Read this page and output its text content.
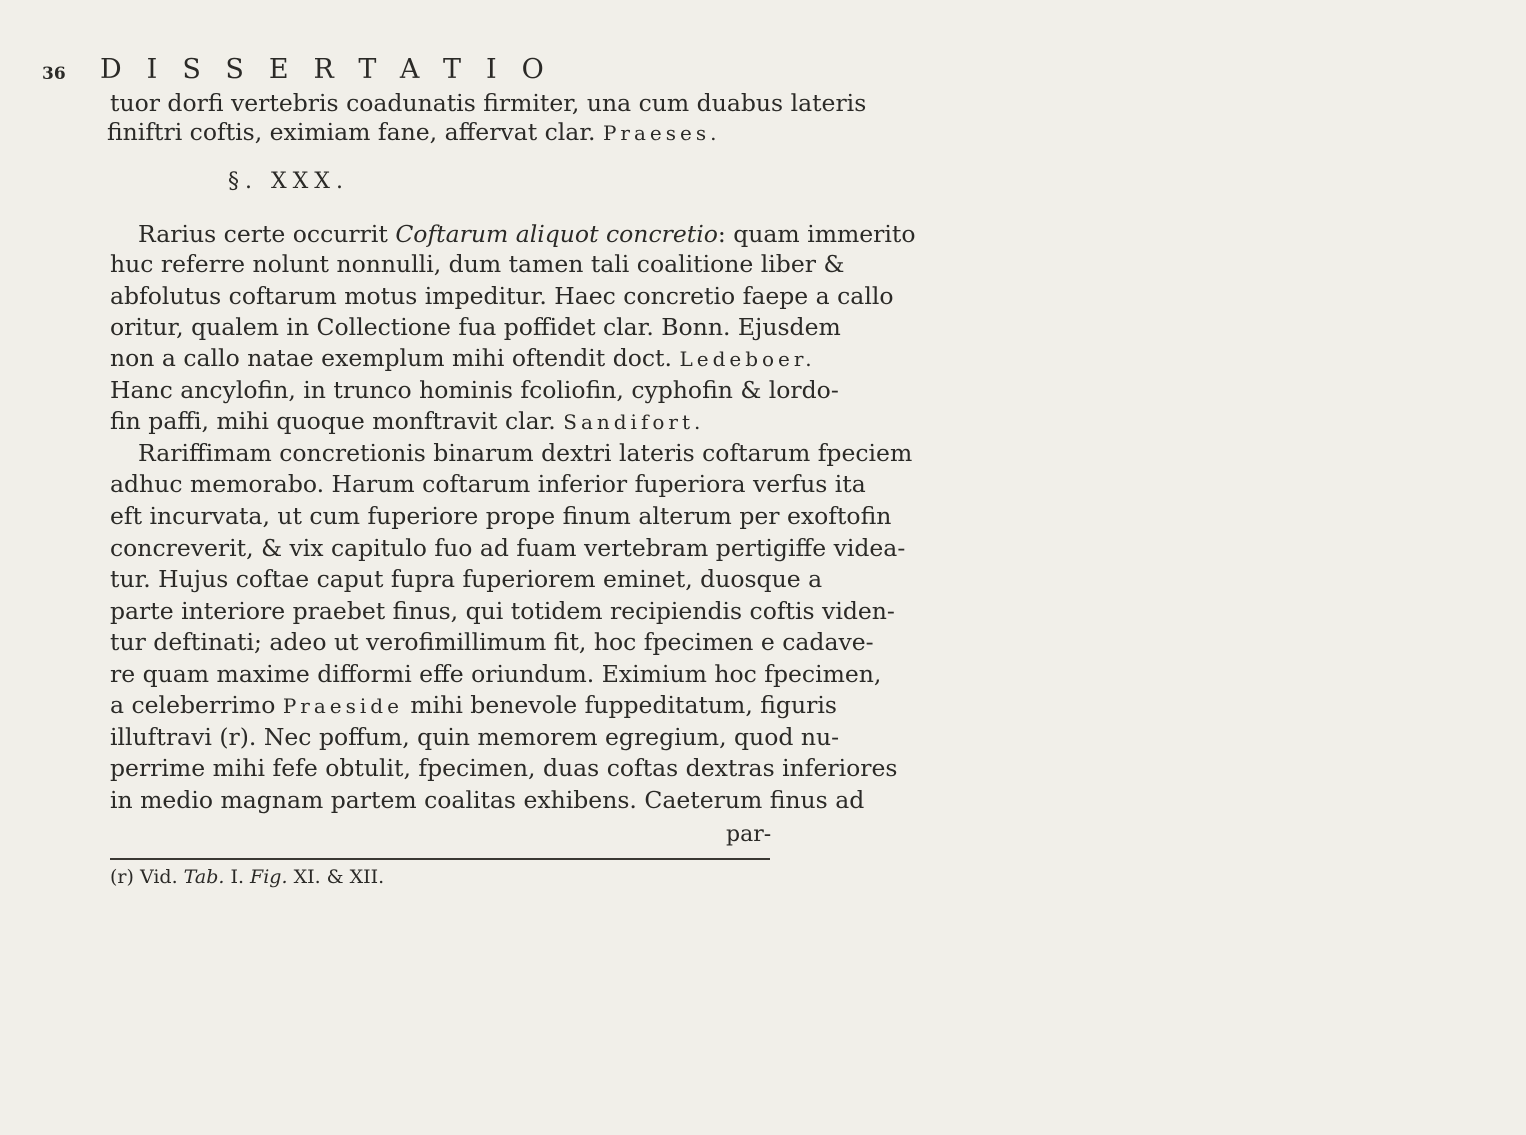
36 DISSERTATIO
tuor dorfi vertebris coadunatis firmiter, una cum duabus lateris
finiftri coftis, eximiam fane, affervat clar. Praeses.
§. XXX.
Rarius certe occurrit Coftarum aliquot concretio: quam immerito
huc referre nolunt nonnulli, dum tamen tali coalitione liber &
abfolutus coftarum motus impeditur. Haec concretio faepe a callo
oritur, qualem in Collectione fua poffidet clar. Bonn. Ejusdem
non a callo natae exemplum mihi oftendit doct. Ledeboer.
Hanc ancylofin, in trunco hominis fcoliofin, cyphofin & lordo-
fin paffi, mihi quoque monftravit clar. Sandifort.
Rariffimam concretionis binarum dextri lateris coftarum fpeciem
adhuc memorabo. Harum coftarum inferior fuperiora verfus ita
eft incurvata, ut cum fuperiore prope finum alterum per exoftofin
concreverit, & vix capitulo fuo ad fuam vertebram pertigiffe videa-
tur. Hujus coftae caput fupra fuperiorem eminet, duosque a
parte interiore praebet finus, qui totidem recipiendis coftis viden-
tur deftinati; adeo ut verofimillimum fit, hoc fpecimen e cadave-
re quam maxime difformi effe oriundum. Eximium hoc fpecimen,
a celeberrimo Praeside mihi benevole fuppeditatum, figuris
illuftravi (r). Nec poffum, quin memorem egregium, quod nu-
perrime mihi fefe obtulit, fpecimen, duas coftas dextras inferiores
in medio magnam partem coalitas exhibens. Caeterum finus ad
par-
(r) Vid. Tab. I. Fig. XI. & XII.
